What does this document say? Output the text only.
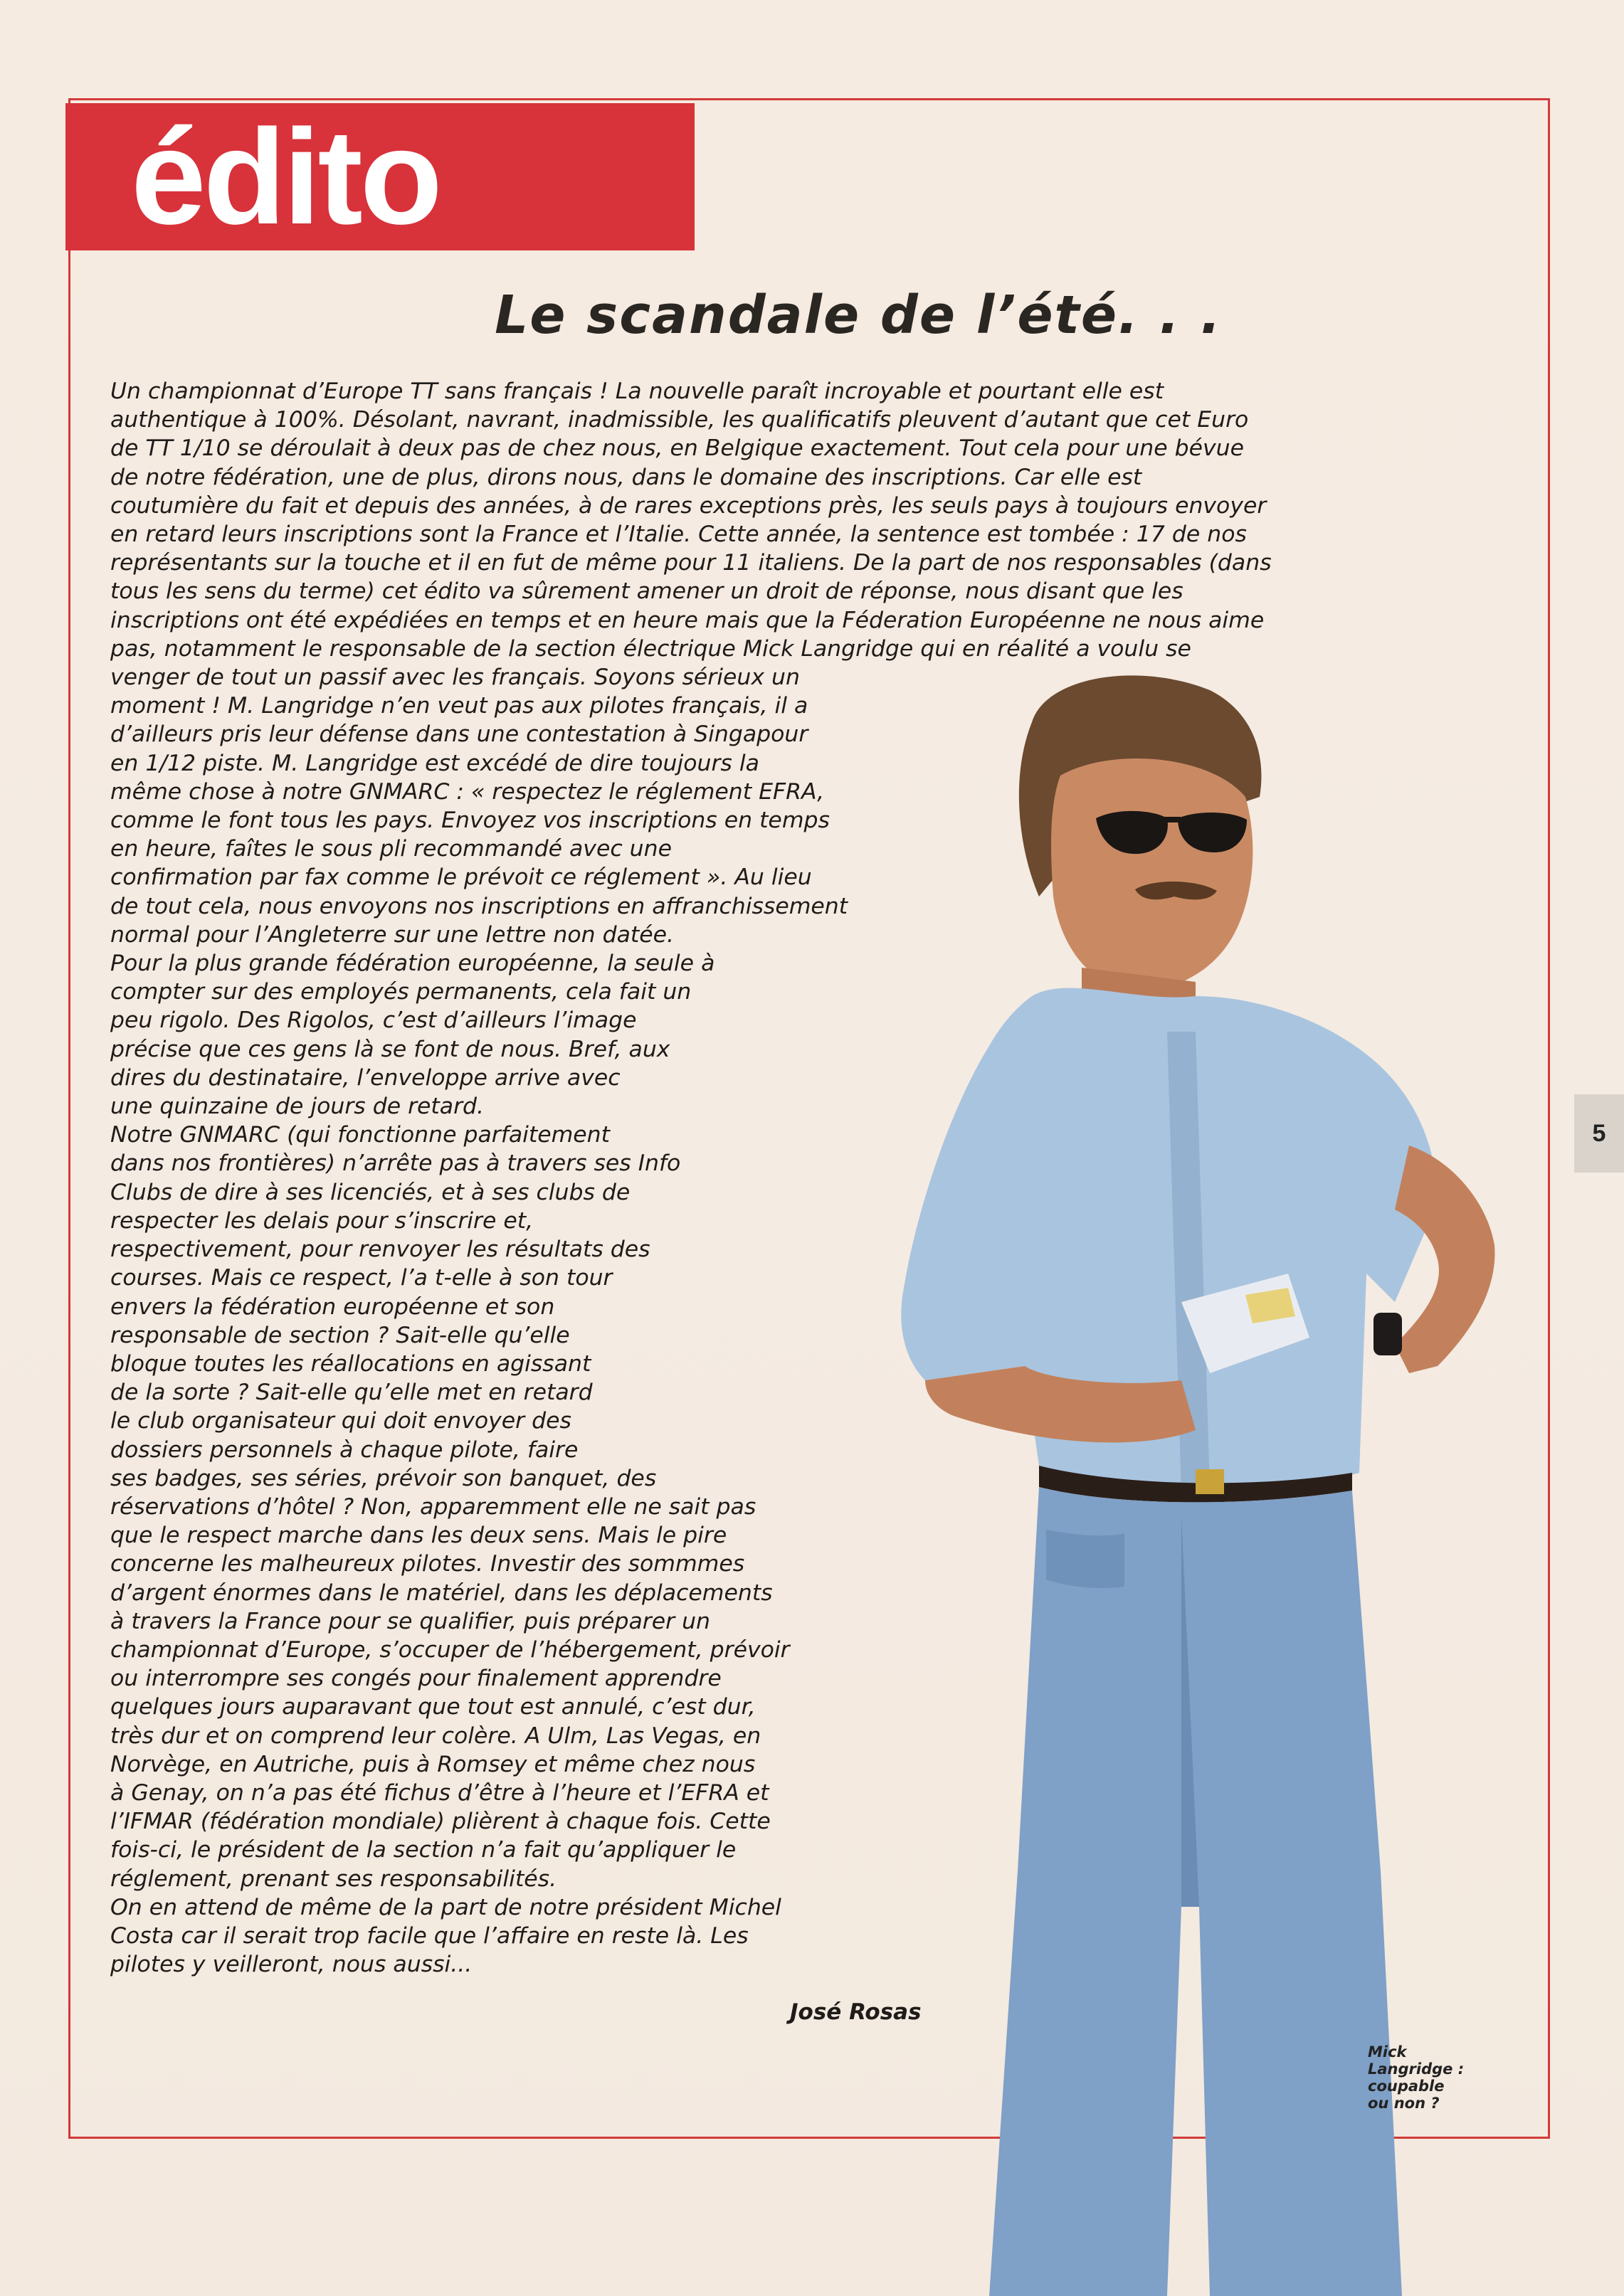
édito
Le scandale de l’été. . .
Un championnat d’Europe TT sans français ! La nouvelle paraît incroyable et pourtant elle est
authentique à 100%. Désolant, navrant, inadmissible, les qualificatifs pleuvent d’autant que cet Euro
de TT 1/10 se déroulait à deux pas de chez nous, en Belgique exactement. Tout cela pour une bévue
de notre fédération, une de plus, dirons nous, dans le domaine des inscriptions. Car elle est
coutumière du fait et depuis des années, à de rares exceptions près, les seuls pays à toujours envoyer
en retard leurs inscriptions sont la France et l’Italie. Cette année, la sentence est tombée : 17 de nos
représentants sur la touche et il en fut de même pour 11 italiens. De la part de nos responsables (dans
tous les sens du terme) cet édito va sûrement amener un droit de réponse, nous disant que les
inscriptions ont été expédiées en temps et en heure mais que la Féderation Européenne ne nous aime
pas, notamment le responsable de la section électrique Mick Langridge qui en réalité a voulu se
venger de tout un passif avec les français. Soyons sérieux un
moment ! M. Langridge n’en veut pas aux pilotes français, il a
d’ailleurs pris leur défense dans une contestation à Singapour
en 1/12 piste. M. Langridge est excédé de dire toujours la
même chose à notre GNMARC : « respectez le réglement EFRA,
comme le font tous les pays. Envoyez vos inscriptions en temps
en heure, faîtes le sous pli recommandé avec une
confirmation par fax comme le prévoit ce réglement ». Au lieu
de tout cela, nous envoyons nos inscriptions en affranchissement
normal pour l’Angleterre sur une lettre non datée.
Pour la plus grande fédération européenne, la seule à
compter sur des employés permanents, cela fait un
peu rigolo. Des Rigolos, c’est d’ailleurs l’image
précise que ces gens là se font de nous. Bref, aux
dires du destinataire, l’enveloppe arrive avec
une quinzaine de jours de retard.
Notre GNMARC (qui fonctionne parfaitement
dans nos frontières) n’arrête pas à travers ses Info
Clubs de dire à ses licenciés, et à ses clubs de
respecter les delais pour s’inscrire et,
respectivement, pour renvoyer les résultats des
courses. Mais ce respect, l’a t-elle à son tour
envers la fédération européenne et son
responsable de section ? Sait-elle qu’elle
bloque toutes les réallocations en agissant
de la sorte ? Sait-elle qu’elle met en retard
le club organisateur qui doit envoyer des
dossiers personnels à chaque pilote, faire
ses badges, ses séries, prévoir son banquet, des
réservations d’hôtel ? Non, apparemment elle ne sait pas
que le respect marche dans les deux sens. Mais le pire
concerne les malheureux pilotes. Investir des sommmes
d’argent énormes dans le matériel, dans les déplacements
à travers la France pour se qualifier, puis préparer un
championnat d’Europe, s’occuper de l’hébergement, prévoir
ou interrompre ses congés pour finalement apprendre
quelques jours auparavant que tout est annulé, c’est dur,
très dur et on comprend leur colère. A Ulm, Las Vegas, en
Norvège, en Autriche, puis à Romsey et même chez nous
à Genay, on n’a pas été fichus d’être à l’heure et l’EFRA et
l’IFMAR (fédération mondiale) plièrent à chaque fois. Cette
fois-ci, le président de la section n’a fait qu’appliquer le
réglement, prenant ses responsabilités.
On en attend de même de la part de notre président Michel
Costa car il serait trop facile que l’affaire en reste là. Les
pilotes y veilleront, nous aussi...
José Rosas
Mick
Langridge :
coupable
ou non ?
5
